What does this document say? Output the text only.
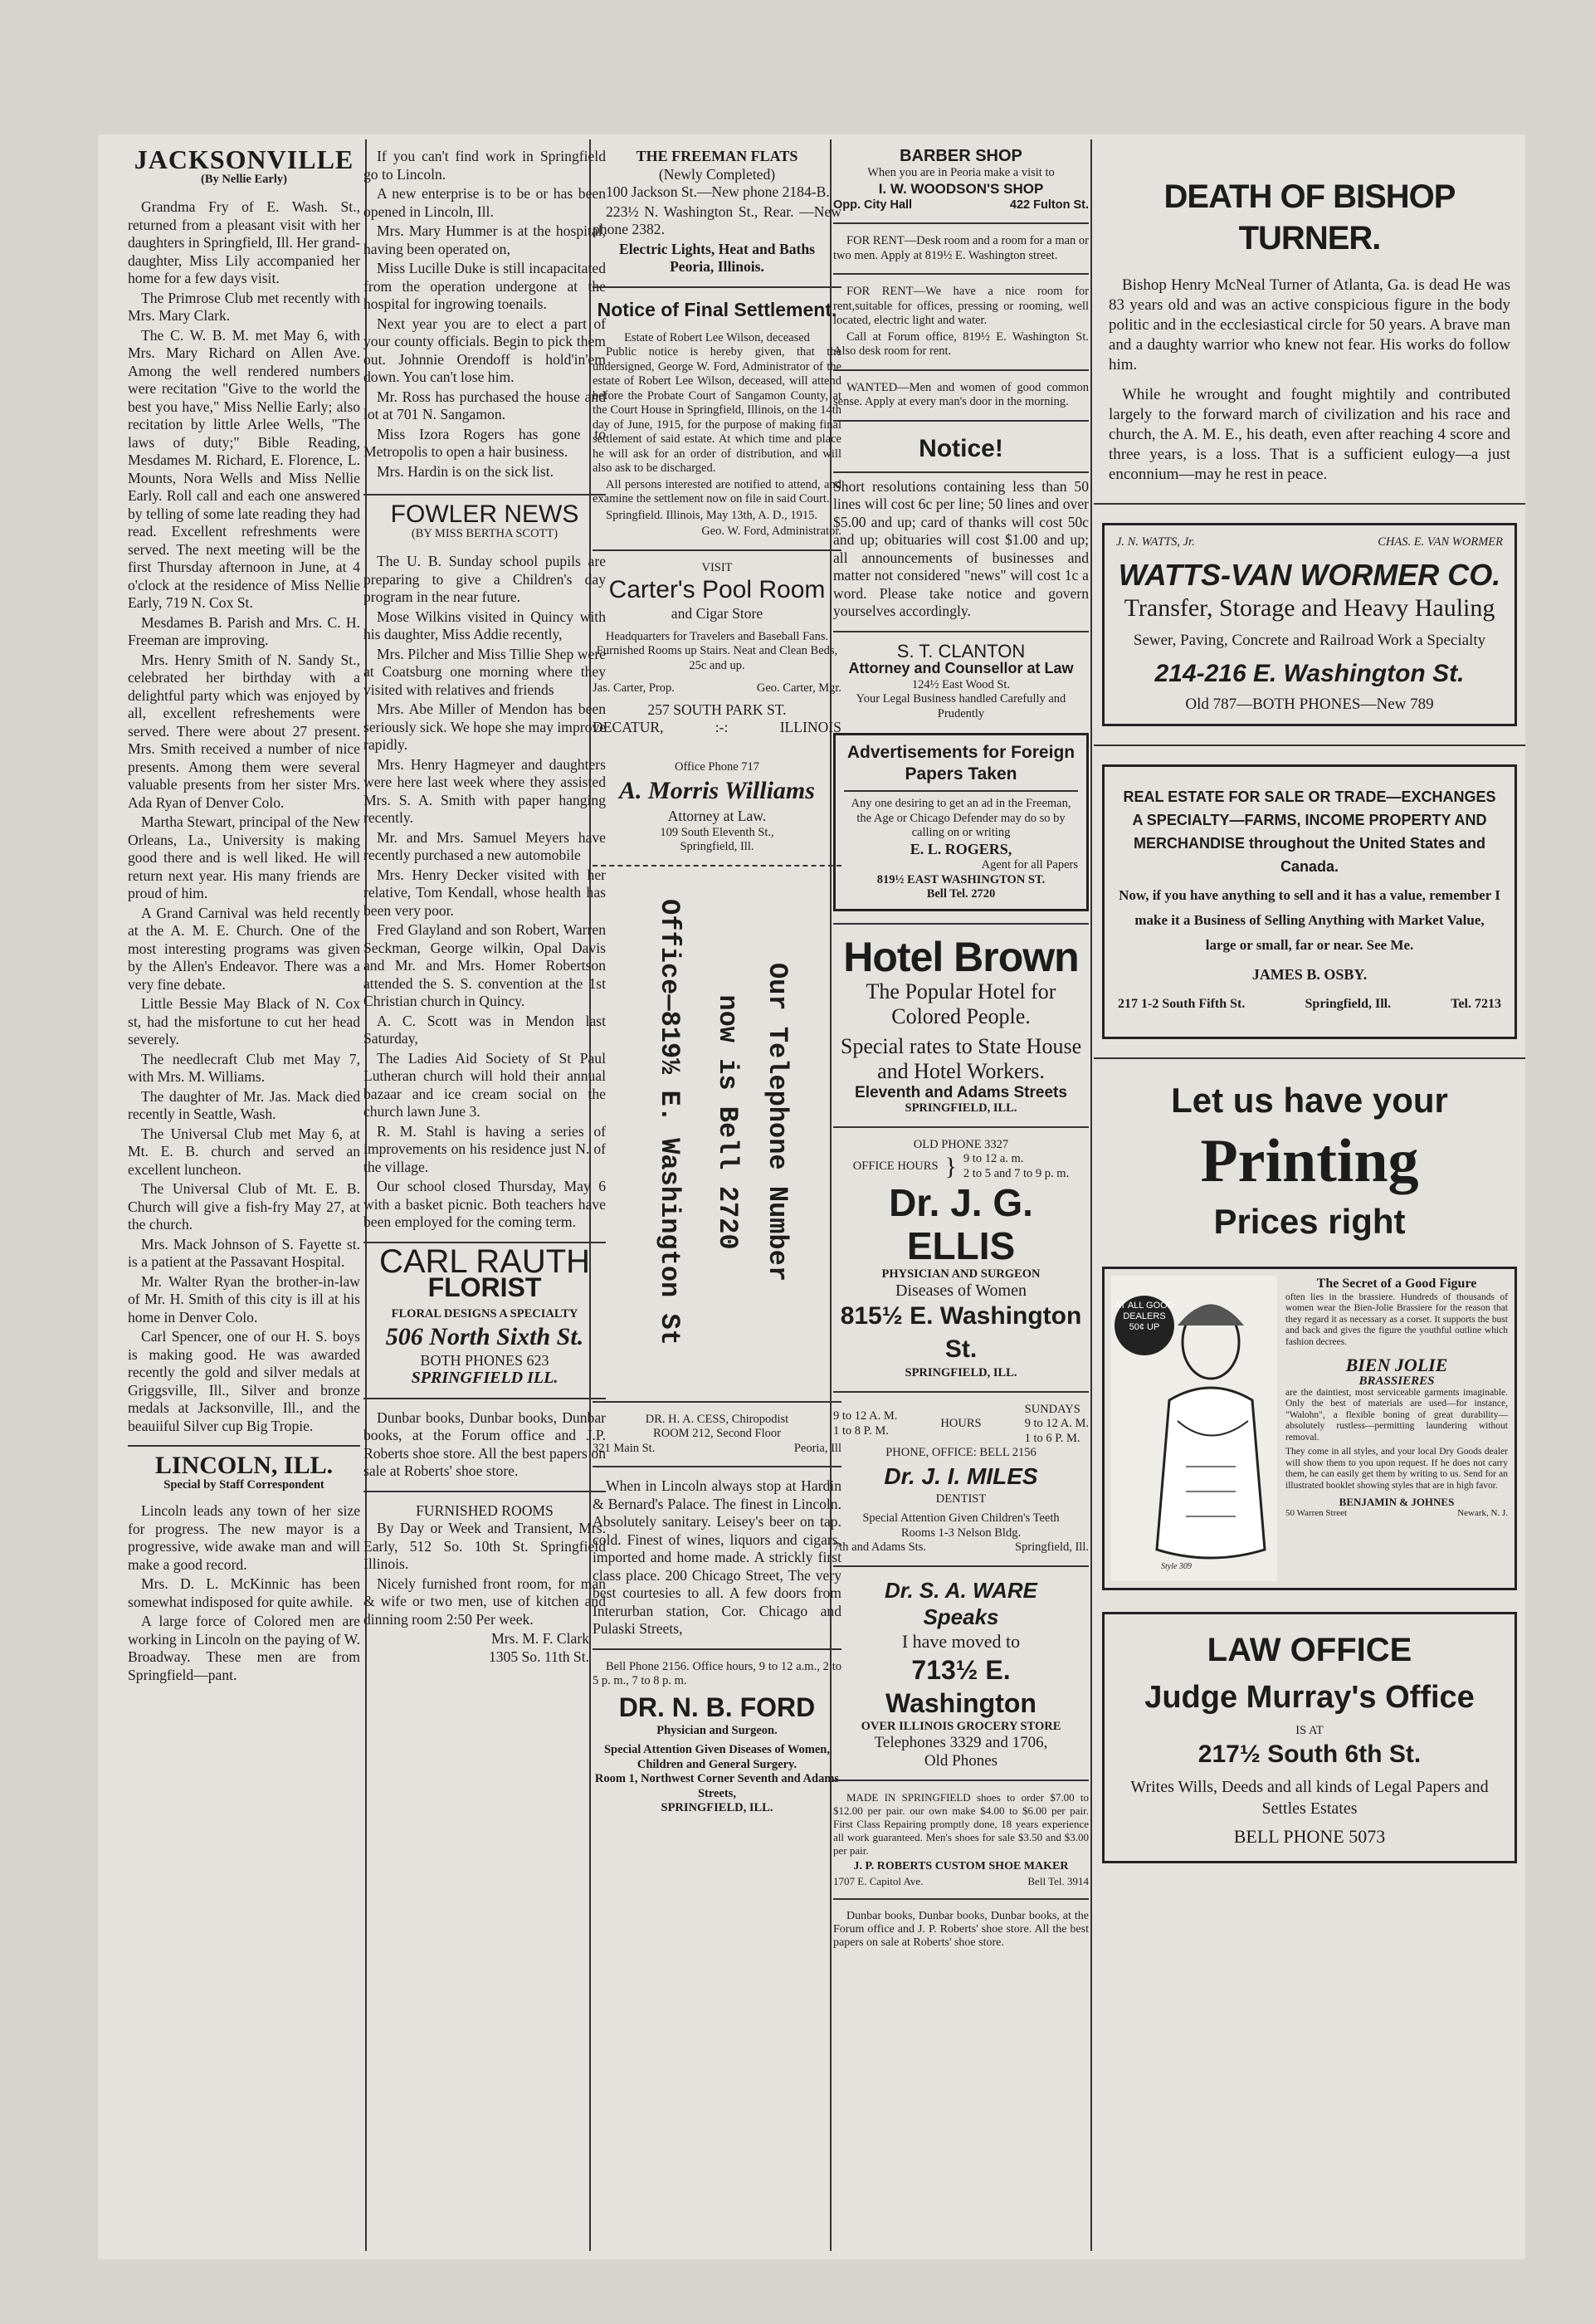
JACKSONVILLE
(By Nellie Early)

Grandma Fry of E. Wash. St., returned from a pleasant visit with her daughters in Springfield, Ill. Her grand-daughter, Miss Lily accompanied her home for a few days visit.

The Primrose Club met recently with Mrs. Mary Clark.

The C. W. B. M. met May 6, with Mrs. Mary Richard on Allen Ave. Among the well rendered numbers were recitation "Give to the world the best you have," Miss Nellie Early; also recitation by little Arlee Wells, "The laws of duty;" Bible Reading, Mesdames M. Richard, E. Florence, L. Mounts, Nora Wells and Miss Nellie Early. Roll call and each one answered by telling of some late reading they had read. Excellent refreshments were served. The next meeting will be the first Thursday afternoon in June, at 4 o'clock at the residence of Miss Nellie Early, 719 N. Cox St.

Mesdames B. Parish and Mrs. C. H. Freeman are improving.

Mrs. Henry Smith of N. Sandy St., celebrated her birthday with a delightful party which was enjoyed by all, excellent refreshements were served. There were about 27 present. Mrs. Smith received a number of nice presents. Among them were several valuable presents from her sister Mrs. Ada Ryan of Denver Colo.

Martha Stewart, principal of the New Orleans, La., University is making good there and is well liked. He will return next year. His many friends are proud of him.

A Grand Carnival was held recently at the A. M. E. Church. One of the most interesting programs was given by the Allen's Endeavor. There was a very fine debate.

Little Bessie May Black of N. Cox st, had the misfortune to cut her head severely.

The needlecraft Club met May 7, with Mrs. M. Williams.

The daughter of Mr. Jas. Mack died recently in Seattle, Wash.

The Universal Club met May 6, at Mt. E. B. church and served an excellent luncheon.

The Universal Club of Mt. E. B. Church will give a fish-fry May 27, at the church.

Mrs. Mack Johnson of S. Fayette st. is a patient at the Passavant Hospital.

Mr. Walter Ryan the brother-in-law of Mr. H. Smith of this city is ill at his home in Denver Colo.

Carl Spencer, one of our H. S. boys is making good. He was awarded recently the gold and silver medals at Griggsville, Ill., Silver and bronze medals at Jacksonville, Ill., and the beauiiful Silver cup Big Tropie.

LINCOLN, ILL.
Special by Staff Correspondent

Lincoln leads any town of her size for progress. The new mayor is a progressive, wide awake man and will make a good record.

Mrs. D. L. McKinnic has been somewhat indisposed for quite awhile.

A large force of Colored men are working in Lincoln on the paying of W. Broadway. These men are from Springfield—pant.

If you can't find work in Springfield go to Lincoln.

A new enterprise is to be or has been opened in Lincoln, Ill.

Mrs. Mary Hummer is at the hospital, having been operated on,

Miss Lucille Duke is still incapacitated from the operation undergone at the hospital for ingrowing toenails.

Next year you are to elect a part of your county officials. Begin to pick them out. Johnnie Orendoff is hold'in'em down. You can't lose him.

Mr. Ross has purchased the house and lot at 701 N. Sangamon.

Miss Izora Rogers has gone to Metropolis to open a hair business.

Mrs. Hardin is on the sick list.

FOWLER NEWS
(BY MISS BERTHA SCOTT)

The U. B. Sunday school pupils are preparing to give a Children's day program in the near future.

Mose Wilkins visited in Quincy with his daughter, Miss Addie recently,

Mrs. Pilcher and Miss Tillie Shep were at Coatsburg one morning where they visited with relatives and friends

Mrs. Abe Miller of Mendon has been seriously sick. We hope she may improve rapidly.

Mrs. Henry Hagmeyer and daughters were here last week where they assisted Mrs. S. A. Smith with paper hanging recently.

Mr. and Mrs. Samuel Meyers have recently purchased a new automobile

Mrs. Henry Decker visited with her relative, Tom Kendall, whose health has been very poor.

Fred Glayland and son Robert, Warren Seckman, George wilkin, Opal Davis and Mr. and Mrs. Homer Robertson attended the S. S. convention at the 1st Christian church in Quincy.

A. C. Scott was in Mendon last Saturday,

The Ladies Aid Society of St Paul Lutheran church will hold their annual bazaar and ice cream social on the church lawn June 3.

R. M. Stahl is having a series of improvements on his residence just N. of the village.

Our school closed Thursday, May 6 with a basket picnic. Both teachers have been employed for the coming term.

CARL RAUTH
FLORIST
FLORAL DESIGNS A SPECIALTY
506 North Sixth St.
BOTH PHONES 623
SPRINGFIELD ILL.

Dunbar books, Dunbar books, Dunbar books, at the Forum office and J.P. Roberts shoe store. All the best papers on sale at Roberts' shoe store.

FURNISHED ROOMS

By Day or Week and Transient, Mrs. Early, 512 So. 10th St. Springfield Illinois.

Nicely furnished front room, for man & wife or two men, use of kitchen and dinning room 2:50 Per week.

Mrs. M. F. Clark
1305 So. 11th St.
THE FREEMAN FLATS
(Newly Completed)

100 Jackson St.—New phone 2184-B.

223½ N. Washington St., Rear. —New phone 2382.

Electric Lights, Heat and Baths
Peoria, Illinois.
Notice of Final Settlement.
Estate of Robert Lee Wilson, deceased

Public notice is hereby given, that the undersigned, George W. Ford, Administrator of the estate of Robert Lee Wilson, deceased, will attend before the Probate Court of Sangamon County, at the Court House in Springfield, Illinois, on the 14th day of June, 1915, for the purpose of making final settlement of said estate. At which time and place he will ask for an order of distribution, and will also ask to be discharged.

All persons interested are notified to attend, and examine the settlement now on file in said Court.

Springfield. Illinois, May 13th, A. D., 1915.

Geo. W. Ford, Administrator.
VISIT
Carter's Pool Room
and Cigar Store

Headquarters for Travelers and Baseball Fans. Furnished Rooms up Stairs. Neat and Clean Beds, 25c and up.

Jas. Carter, Prop.	Geo. Carter, Mgr.
257 SOUTH PARK ST.
DECATUR,	:-:	ILLINOIS
Office Phone 717
A. Morris Williams
Attorney at Law.
109 South Eleventh St.,
Springfield, Ill.
Our Telephone Number
now is Bell 2720
Office—819½ E. Washington St
DR. H. A. CESS, Chiropodist
ROOM 212, Second Floor
321 Main St.	Peoria, Ill

When in Lincoln always stop at Hardin & Bernard's Palace. The finest in Lincoln. Absolutely sanitary. Leisey's beer on tap. cold. Finest of wines, liquors and cigars, imported and home made. A strickly first class place. 200 Chicago Street, The very best courtesies to all. A few doors from Interurban station, Cor. Chicago and Pulaski Streets,

Bell Phone 2156. Office hours, 9 to 12 a.m., 2 to 5 p. m., 7 to 8 p. m.

DR. N. B. FORD
Physician and Surgeon.
Special Attention Given Diseases of Women, Children and General Surgery.
Room 1, Northwest Corner Seventh and Adams Streets,
SPRINGFIELD, ILL.
BARBER SHOP
When you are in Peoria make a visit to
I. W. WOODSON'S SHOP
Opp. City Hall	422 Fulton St.

FOR RENT—Desk room and a room for a man or two men. Apply at 819½ E. Washington street.

FOR RENT—We have a nice room for rent,suitable for offices, pressing or rooming, well located, electric light and water.

Call at Forum office, 819½ E. Washington St. Also desk room for rent.

WANTED—Men and women of good common sense. Apply at every man's door in the morning.

Notice!

Short resolutions containing less than 50 lines will cost 6c per line; 50 lines and over $5.00 and up; card of thanks will cost 50c and up; obituaries will cost $1.00 and up; all announcements of businesses and matter not considered "news" will cost 1c a word. Please take notice and govern yourselves accordingly.

S. T. CLANTON
Attorney and Counsellor at Law
124½ East Wood St.
Your Legal Business handled Carefully and Prudently
Advertisements for Foreign Papers Taken
Any one desiring to get an ad in the Freeman, the Age or Chicago Defender may do so by calling on or writing
E. L. ROGERS,
Agent for all Papers
819½ EAST WASHINGTON ST.
Bell Tel. 2720
Hotel Brown
The Popular Hotel for Colored People.
Special rates to State House and Hotel Workers.
Eleventh and Adams Streets
SPRINGFIELD, ILL.
OLD PHONE 3327
OFFICE HOURS } 9 to 12 a. m.
2 to 5 and 7 to 9 p. m.
Dr. J. G. ELLIS
PHYSICIAN AND SURGEON
Diseases of Women
815½ E. Washington St.
SPRINGFIELD, ILL.
9 to 12 A. M.
1 to 8 P. M.
HOURS
SUNDAYS
9 to 12 A. M.
1 to 6 P. M.
PHONE, OFFICE: BELL 2156
Dr. J. I. MILES
DENTIST
Special Attention Given Children's Teeth
Rooms 1-3 Nelson Bldg.
7th and Adams Sts.	Springfield, Ill.
Dr. S. A. WARE
Speaks
I have moved to
713½ E. Washington
OVER ILLINOIS GROCERY STORE
Telephones 3329 and 1706,
Old Phones

MADE IN SPRINGFIELD shoes to order $7.00 to $12.00 per pair. our own make $4.00 to $6.00 per pair. First Class Repairing promptly done, 18 years experience all work guaranteed. Men's shoes for sale $3.50 and $3.00 per pair.

J. P. ROBERTS CUSTOM SHOE MAKER
1707 E. Capitol Ave.	Bell Tel. 3914

Dunbar books, Dunbar books, Dunbar books, at the Forum office and J. P. Roberts' shoe store. All the best papers on sale at Roberts' shoe store.

DEATH OF BISHOP TURNER.

Bishop Henry McNeal Turner of Atlanta, Ga. is dead He was 83 years old and was an active conspicious figure in the body politic and in the ecclesiastical circle for 50 years. A brave man and a daughty warrior who knew not fear. His works do follow him.

While he wrought and fought mightily and contributed largely to the forward march of civilization and his race and church, the A. M. E., his death, even after reaching 4 score and three years, is a loss. That is a sufficient eulogy—a just enconnium—may he rest in peace.

J. N. WATTS, Jr.	CHAS. E. VAN WORMER
WATTS-VAN WORMER CO.
Transfer, Storage and Heavy Hauling
Sewer, Paving, Concrete and Railroad Work a Specialty
214-216 E. Washington St.
Old 787—BOTH PHONES—New 789
REAL ESTATE FOR SALE OR TRADE—EXCHANGES A SPECIALTY—FARMS, INCOME PROPERTY AND MERCHANDISE throughout the United States and Canada.
Now, if you have anything to sell and it has a value, remember I make it a Business of Selling Anything with Market Value, large or small, far or near. See Me.
JAMES B. OSBY.
217 1-2 South Fifth St.	Springfield, Ill.	Tel. 7213
Let us have your
Printing
Prices right
AT ALL GOOD DEALERS 50¢ UP
Style 309
The Secret of a Good Figure
often lies in the brassiere. Hundreds of thousands of women wear the Bien-Jolie Brassiere for the reason that they regard it as necessary as a corset. It supports the bust and back and gives the figure the youthful outline which fashion decrees.
BIEN JOLIE
BRASSIERES
are the daintiest, most serviceable garments imaginable. Only the best of materials are used—for instance, "Walohn", a flexible boning of great durability—absolutely rustless—permitting laundering without removal.
They come in all styles, and your local Dry Goods dealer will show them to you upon request. If he does not carry them, he can easily get them by writing to us. Send for an illustrated booklet showing styles that are in high favor.
BENJAMIN & JOHNES
50 Warren Street	Newark, N. J.
LAW OFFICE
Judge Murray's Office
IS AT
217½ South 6th St.
Writes Wills, Deeds and all kinds of Legal Papers and Settles Estates
BELL PHONE 5073
